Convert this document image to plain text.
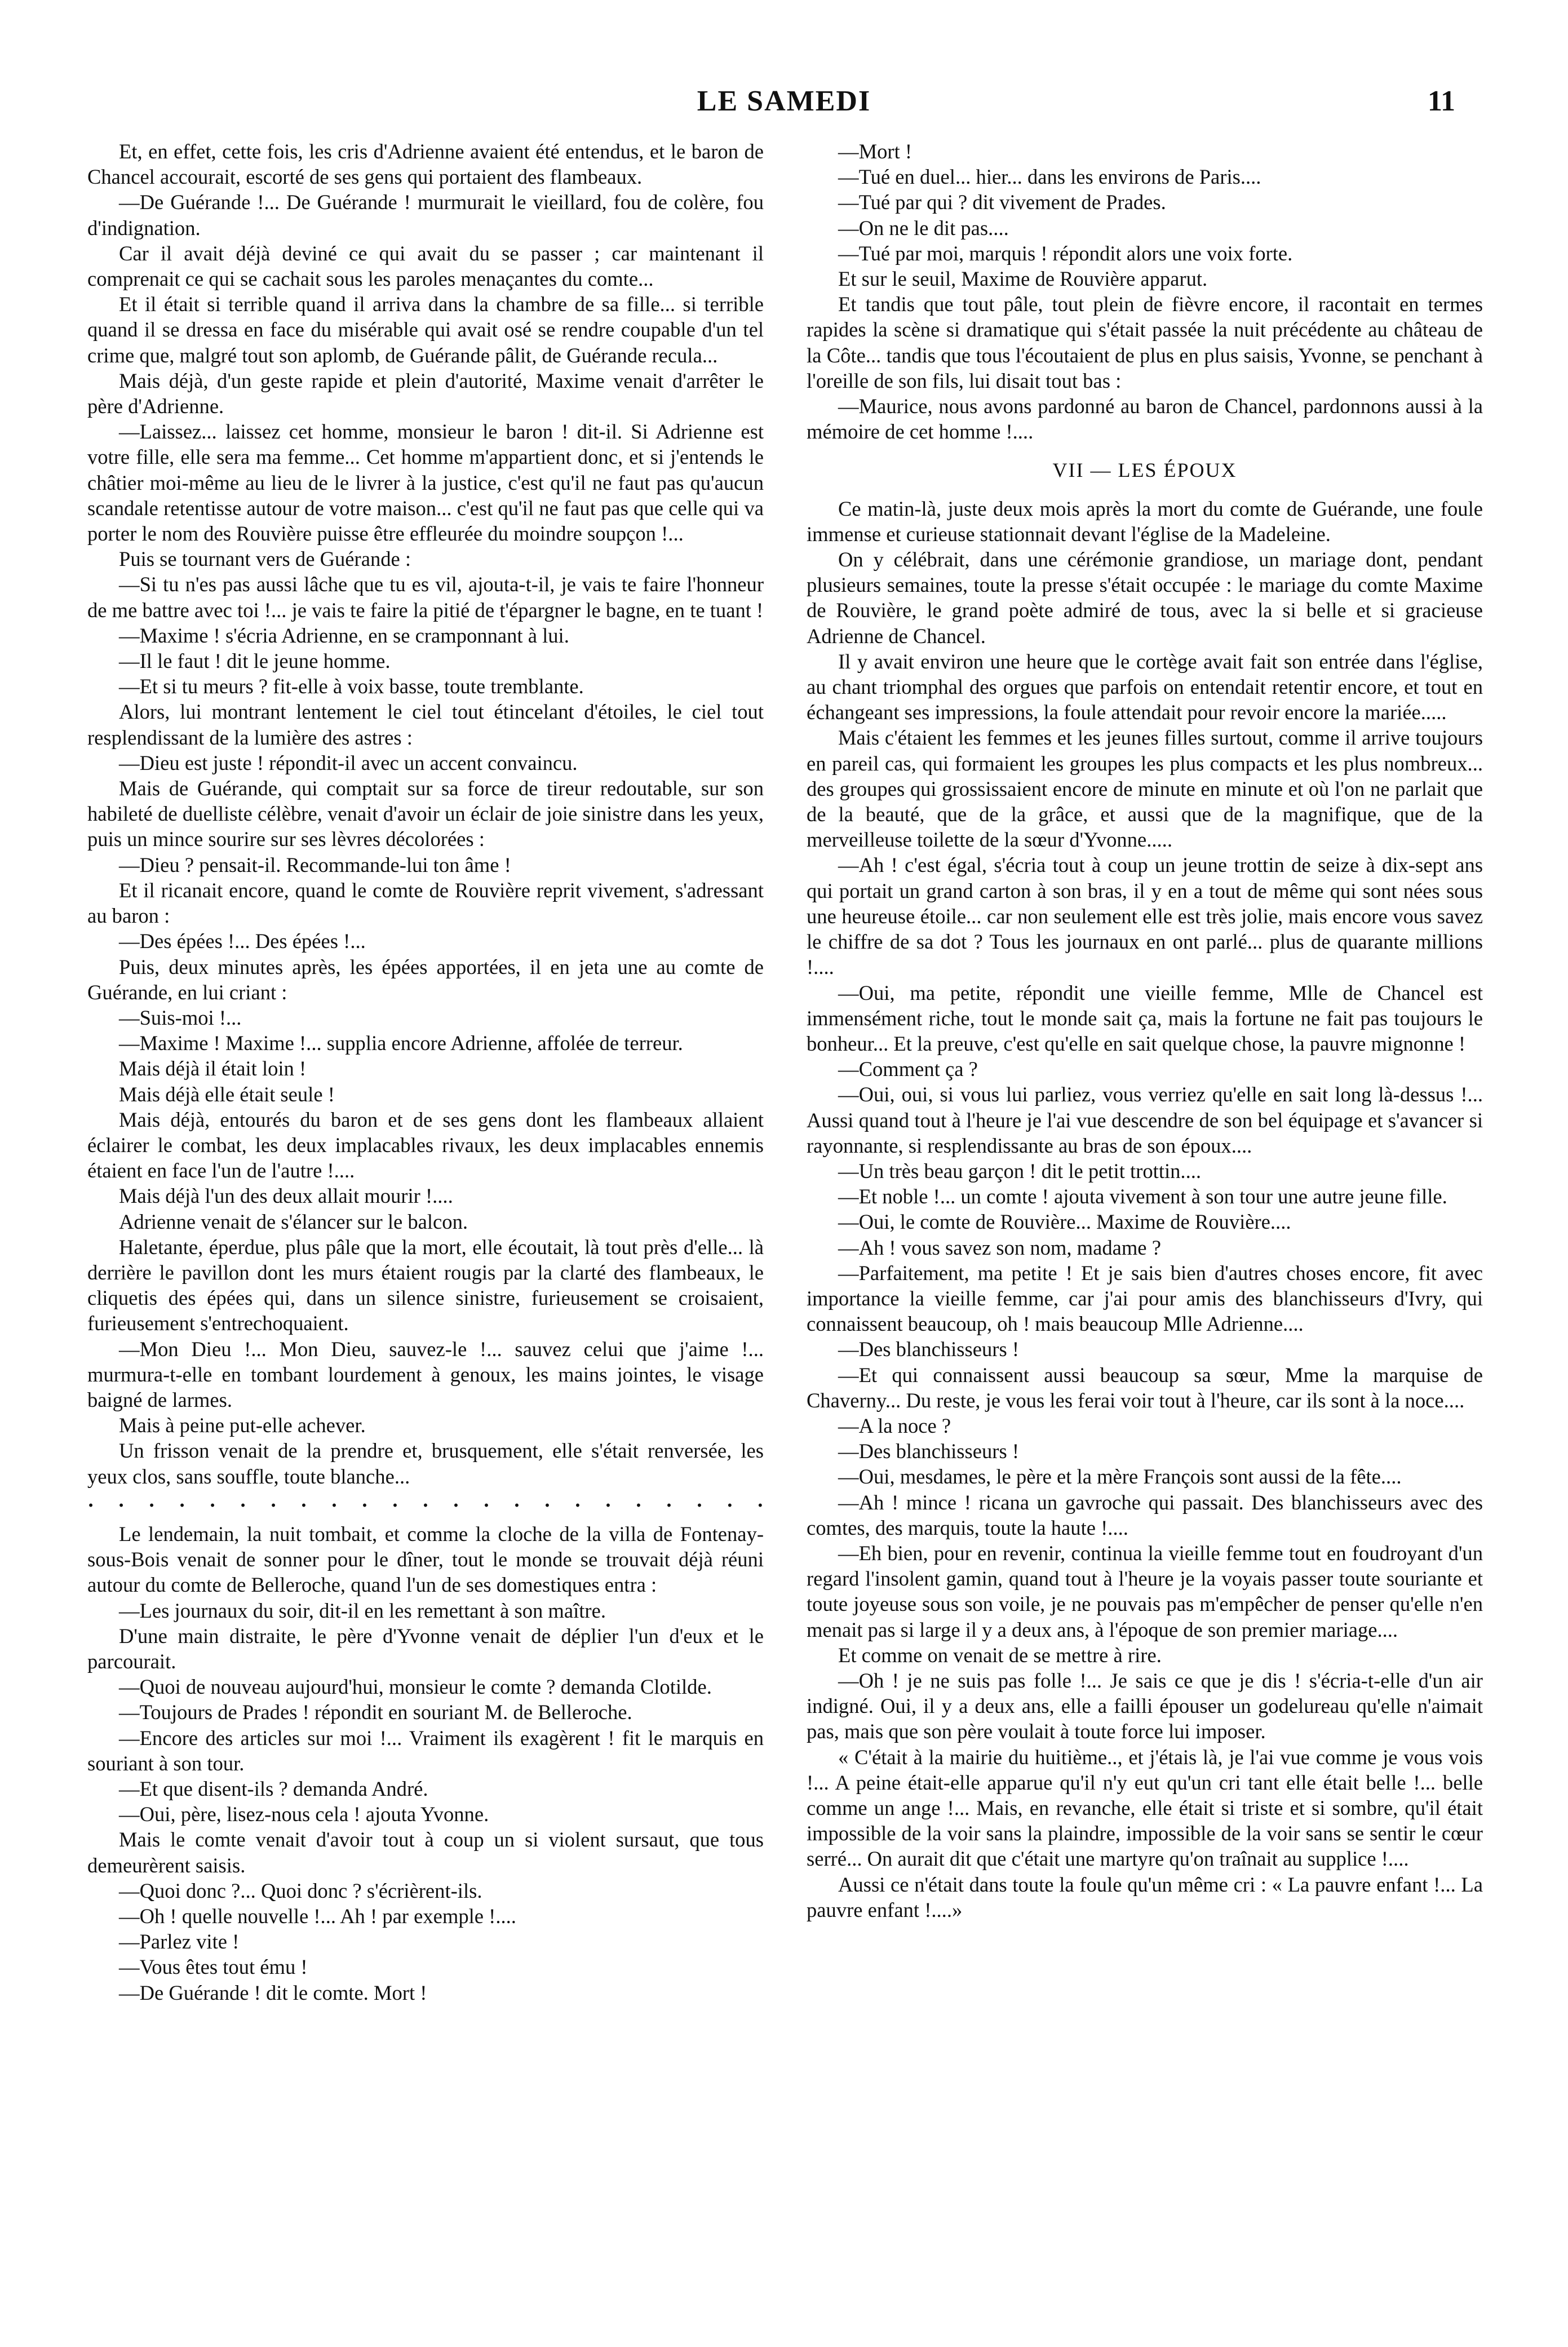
LE SAMEDI	11

Et, en effet, cette fois, les cris d'Adrienne avaient été entendus, et le baron de Chancel accourait, escorté de ses gens qui portaient des flambeaux.

—De Guérande !... De Guérande ! murmurait le vieillard, fou de colère, fou d'indignation.

Car il avait déjà deviné ce qui avait du se passer ; car maintenant il comprenait ce qui se cachait sous les paroles menaçantes du comte...

Et il était si terrible quand il arriva dans la chambre de sa fille... si terrible quand il se dressa en face du misérable qui avait osé se rendre coupable d'un tel crime que, malgré tout son aplomb, de Guérande pâlit, de Guérande recula...

Mais déjà, d'un geste rapide et plein d'autorité, Maxime venait d'arrêter le père d'Adrienne.

—Laissez... laissez cet homme, monsieur le baron ! dit-il. Si Adrienne est votre fille, elle sera ma femme... Cet homme m'appartient donc, et si j'entends le châtier moi-même au lieu de le livrer à la justice, c'est qu'il ne faut pas qu'aucun scandale retentisse autour de votre maison... c'est qu'il ne faut pas que celle qui va porter le nom des Rouvière puisse être effleurée du moindre soupçon !...

Puis se tournant vers de Guérande :

—Si tu n'es pas aussi lâche que tu es vil, ajouta-t-il, je vais te faire l'honneur de me battre avec toi !... je vais te faire la pitié de t'épargner le bagne, en te tuant !

—Maxime ! s'écria Adrienne, en se cramponnant à lui.

—Il le faut ! dit le jeune homme.

—Et si tu meurs ? fit-elle à voix basse, toute tremblante.

Alors, lui montrant lentement le ciel tout étincelant d'étoiles, le ciel tout resplendissant de la lumière des astres :

—Dieu est juste ! répondit-il avec un accent convaincu.

Mais de Guérande, qui comptait sur sa force de tireur redoutable, sur son habileté de duelliste célèbre, venait d'avoir un éclair de joie sinistre dans les yeux, puis un mince sourire sur ses lèvres décolorées :

—Dieu ? pensait-il. Recommande-lui ton âme !

Et il ricanait encore, quand le comte de Rouvière reprit vivement, s'adressant au baron :

—Des épées !... Des épées !...

Puis, deux minutes après, les épées apportées, il en jeta une au comte de Guérande, en lui criant :

—Suis-moi !...

—Maxime ! Maxime !... supplia encore Adrienne, affolée de terreur.

Mais déjà il était loin !

Mais déjà elle était seule !

Mais déjà, entourés du baron et de ses gens dont les flambeaux allaient éclairer le combat, les deux implacables rivaux, les deux implacables ennemis étaient en face l'un de l'autre !....

Mais déjà l'un des deux allait mourir !....

Adrienne venait de s'élancer sur le balcon.

Haletante, éperdue, plus pâle que la mort, elle écoutait, là tout près d'elle... là derrière le pavillon dont les murs étaient rougis par la clarté des flambeaux, le cliquetis des épées qui, dans un silence sinistre, furieusement se croisaient, furieusement s'entrechoquaient.

—Mon Dieu !... Mon Dieu, sauvez-le !... sauvez celui que j'aime !... murmura-t-elle en tombant lourdement à genoux, les mains jointes, le visage baigné de larmes.

Mais à peine put-elle achever.

Un frisson venait de la prendre et, brusquement, elle s'était renversée, les yeux clos, sans souffle, toute blanche...

· · · · · · · · · · · · · · · · · · · · · · ·

Le lendemain, la nuit tombait, et comme la cloche de la villa de Fontenay-sous-Bois venait de sonner pour le dîner, tout le monde se trouvait déjà réuni autour du comte de Belleroche, quand l'un de ses domestiques entra :

—Les journaux du soir, dit-il en les remettant à son maître.

D'une main distraite, le père d'Yvonne venait de déplier l'un d'eux et le parcourait.

—Quoi de nouveau aujourd'hui, monsieur le comte ? demanda Clotilde.

—Toujours de Prades ! répondit en souriant M. de Belleroche.

—Encore des articles sur moi !... Vraiment ils exagèrent ! fit le marquis en souriant à son tour.

—Et que disent-ils ? demanda André.

—Oui, père, lisez-nous cela ! ajouta Yvonne.

Mais le comte venait d'avoir tout à coup un si violent sursaut, que tous demeurèrent saisis.

—Quoi donc ?... Quoi donc ? s'écrièrent-ils.

—Oh ! quelle nouvelle !... Ah ! par exemple !....

—Parlez vite !

—Vous êtes tout ému !

—De Guérande ! dit le comte. Mort !

—Mort !

—Tué en duel... hier... dans les environs de Paris....

—Tué par qui ? dit vivement de Prades.

—On ne le dit pas....

—Tué par moi, marquis ! répondit alors une voix forte.

Et sur le seuil, Maxime de Rouvière apparut.

Et tandis que tout pâle, tout plein de fièvre encore, il racontait en termes rapides la scène si dramatique qui s'était passée la nuit précédente au château de la Côte... tandis que tous l'écoutaient de plus en plus saisis, Yvonne, se penchant à l'oreille de son fils, lui disait tout bas :

—Maurice, nous avons pardonné au baron de Chancel, pardonnons aussi à la mémoire de cet homme !....

VII — LES ÉPOUX

Ce matin-là, juste deux mois après la mort du comte de Guérande, une foule immense et curieuse stationnait devant l'église de la Madeleine.

On y célébrait, dans une cérémonie grandiose, un mariage dont, pendant plusieurs semaines, toute la presse s'était occupée : le mariage du comte Maxime de Rouvière, le grand poète admiré de tous, avec la si belle et si gracieuse Adrienne de Chancel.

Il y avait environ une heure que le cortège avait fait son entrée dans l'église, au chant triomphal des orgues que parfois on entendait retentir encore, et tout en échangeant ses impressions, la foule attendait pour revoir encore la mariée.....

Mais c'étaient les femmes et les jeunes filles surtout, comme il arrive toujours en pareil cas, qui formaient les groupes les plus compacts et les plus nombreux... des groupes qui grossissaient encore de minute en minute et où l'on ne parlait que de la beauté, que de la grâce, et aussi que de la magnifique, que de la merveilleuse toilette de la sœur d'Yvonne.....

—Ah ! c'est égal, s'écria tout à coup un jeune trottin de seize à dix-sept ans qui portait un grand carton à son bras, il y en a tout de même qui sont nées sous une heureuse étoile... car non seulement elle est très jolie, mais encore vous savez le chiffre de sa dot ? Tous les journaux en ont parlé... plus de quarante millions !....

—Oui, ma petite, répondit une vieille femme, Mlle de Chancel est immensément riche, tout le monde sait ça, mais la fortune ne fait pas toujours le bonheur... Et la preuve, c'est qu'elle en sait quelque chose, la pauvre mignonne !

—Comment ça ?

—Oui, oui, si vous lui parliez, vous verriez qu'elle en sait long là-dessus !... Aussi quand tout à l'heure je l'ai vue descendre de son bel équipage et s'avancer si rayonnante, si resplendissante au bras de son époux....

—Un très beau garçon ! dit le petit trottin....

—Et noble !... un comte ! ajouta vivement à son tour une autre jeune fille.

—Oui, le comte de Rouvière... Maxime de Rouvière....

—Ah ! vous savez son nom, madame ?

—Parfaitement, ma petite ! Et je sais bien d'autres choses encore, fit avec importance la vieille femme, car j'ai pour amis des blanchisseurs d'Ivry, qui connaissent beaucoup, oh ! mais beaucoup Mlle Adrienne....

—Des blanchisseurs !

—Et qui connaissent aussi beaucoup sa sœur, Mme la marquise de Chaverny... Du reste, je vous les ferai voir tout à l'heure, car ils sont à la noce....

—A la noce ?

—Des blanchisseurs !

—Oui, mesdames, le père et la mère François sont aussi de la fête....

—Ah ! mince ! ricana un gavroche qui passait. Des blanchisseurs avec des comtes, des marquis, toute la haute !....

—Eh bien, pour en revenir, continua la vieille femme tout en foudroyant d'un regard l'insolent gamin, quand tout à l'heure je la voyais passer toute souriante et toute joyeuse sous son voile, je ne pouvais pas m'empêcher de penser qu'elle n'en menait pas si large il y a deux ans, à l'époque de son premier mariage....

Et comme on venait de se mettre à rire.

—Oh ! je ne suis pas folle !... Je sais ce que je dis ! s'écria-t-elle d'un air indigné. Oui, il y a deux ans, elle a failli épouser un godelureau qu'elle n'aimait pas, mais que son père voulait à toute force lui imposer.

« C'était à la mairie du huitième.., et j'étais là, je l'ai vue comme je vous vois !... A peine était-elle apparue qu'il n'y eut qu'un cri tant elle était belle !... belle comme un ange !... Mais, en revanche, elle était si triste et si sombre, qu'il était impossible de la voir sans la plaindre, impossible de la voir sans se sentir le cœur serré... On aurait dit que c'était une martyre qu'on traînait au supplice !....

Aussi ce n'était dans toute la foule qu'un même cri : « La pauvre enfant !... La pauvre enfant !....»
